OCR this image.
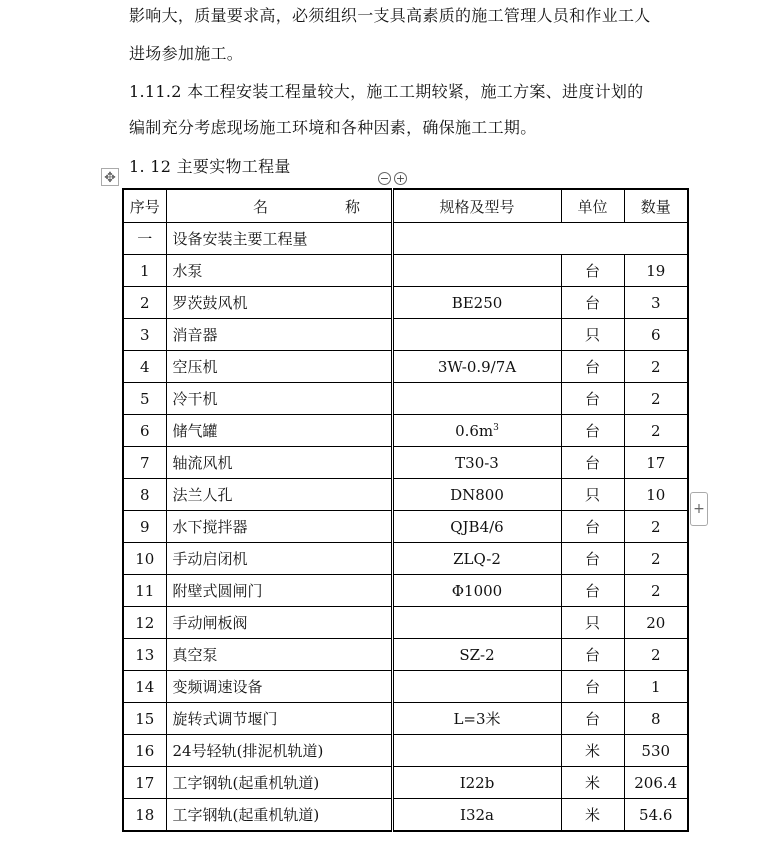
影响大，质量要求高，必须组织一支具高素质的施工管理人员和作业工人
进场参加施工。
1.11.2 本工程安装工程量较大，施工工期较紧，施工方案、进度计划的
编制充分考虑现场施工环境和各种因素，确保施工工期。
1. 12 主要实物工程量
✥	− +
+
序号	名 称	规格及型号	单位	数量
一	设备安装主要工程量			
1	水泵		台	19
2	罗茨鼓风机	BE250	台	3
3	消音器		只	6
4	空压机	3W-0.9/7A	台	2
5	冷干机		台	2
6	储气罐	$0.6m^3$	台	2
7	轴流风机	T30-3	台	17
8	法兰人孔	DN800	只	10
9	水下搅拌器	QJB4/6	台	2
10	手动启闭机	ZLQ-2	台	2
11	附壁式圆闸门	Φ1000	台	2
12	手动闸板阀		只	20
13	真空泵	SZ-2	台	2
14	变频调速设备		台	1
15	旋转式调节堰门	L=3米	台	8
16	24号轻轨(排泥机轨道)		米	530
17	工字钢轨(起重机轨道)	I22b	米	206.4
18	工字钢轨(起重机轨道)	I32a	米	54.6
